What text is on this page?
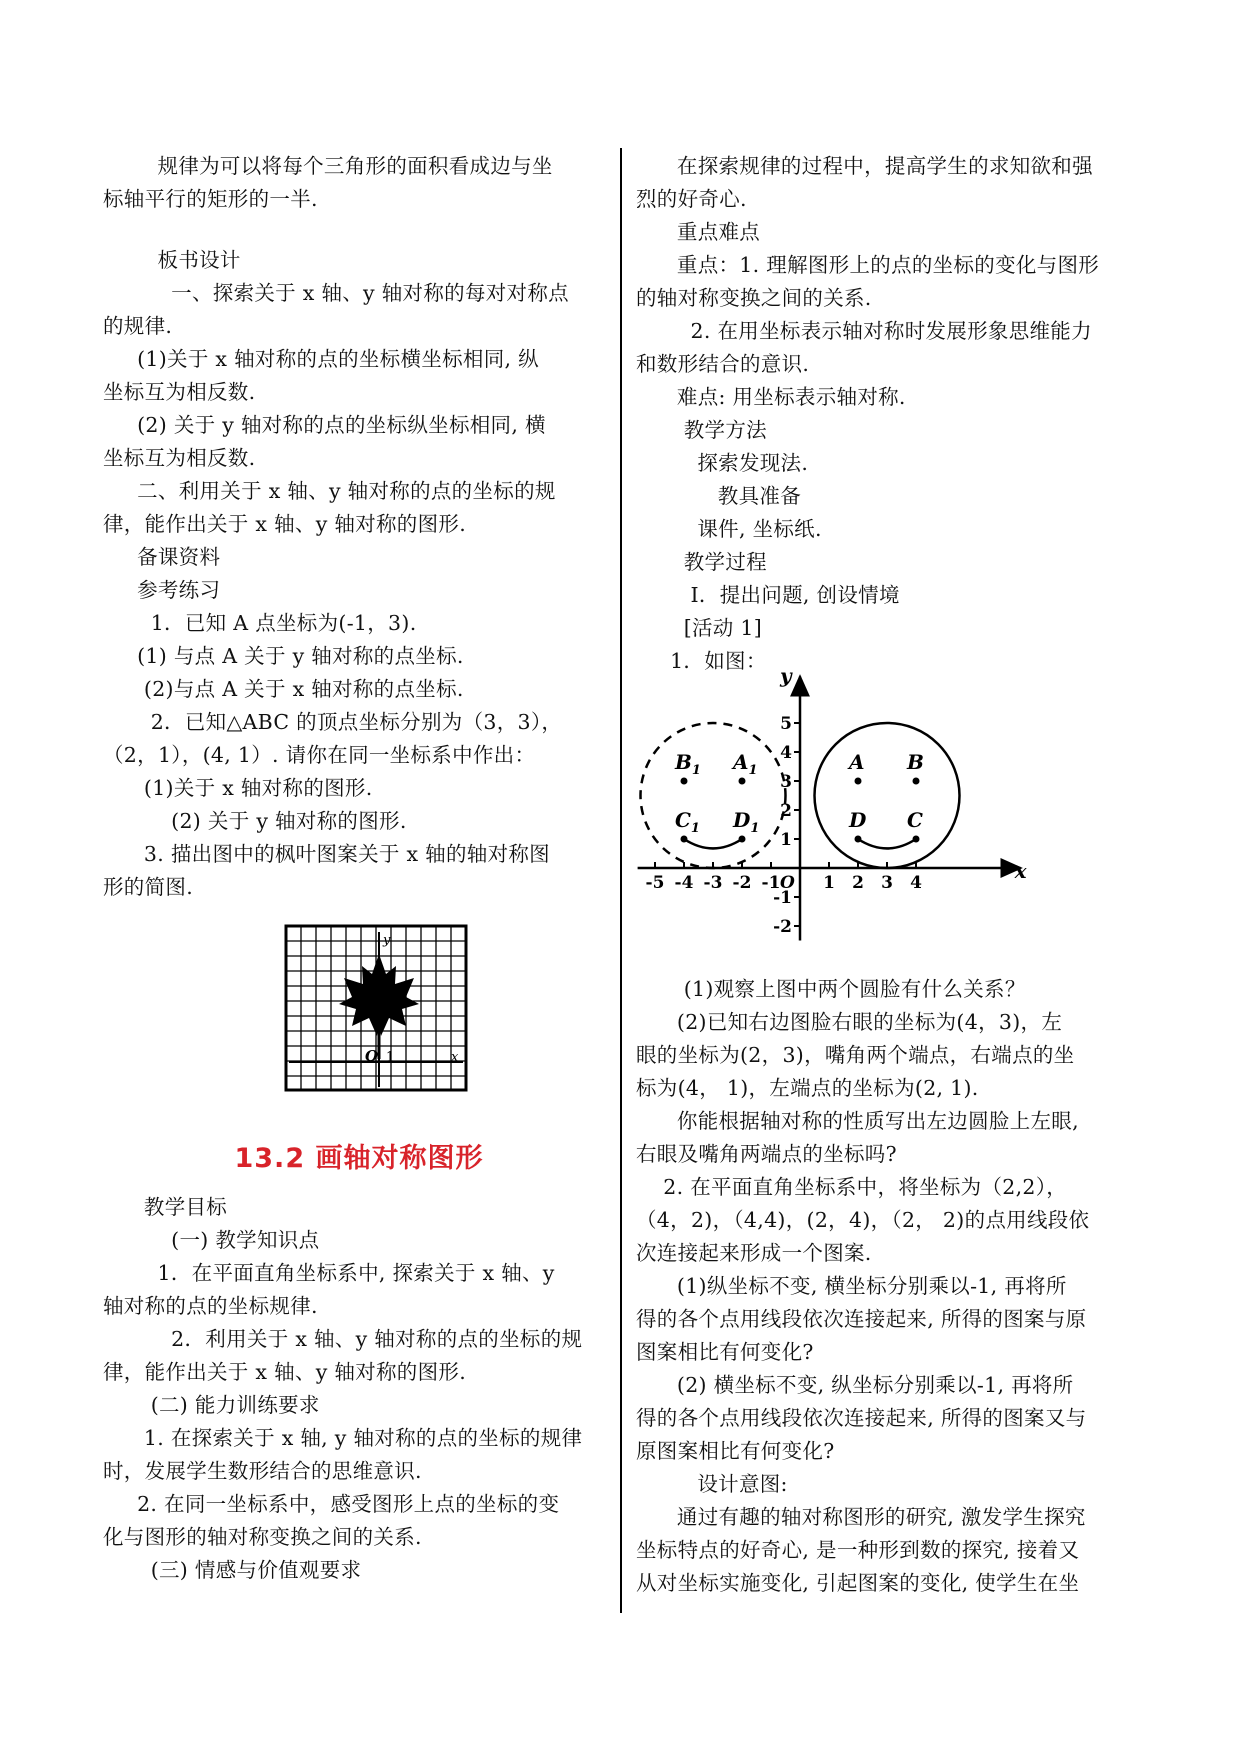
规律为可以将每个三角形的面积看成边与坐
标轴平行的矩形的一半.
板书设计
一、探索关于 x 轴、y 轴对称的每对对称点
的规律.
(1)关于 x 轴对称的点的坐标横坐标相同, 纵
坐标互为相反数.
(2) 关于 y 轴对称的点的坐标纵坐标相同, 横
坐标互为相反数.
二、利用关于 x 轴、y 轴对称的点的坐标的规
律，能作出关于 x 轴、y 轴对称的图形.
备课资料
参考练习
1．已知 A 点坐标为(-1，3).
(1) 与点 A 关于 y 轴对称的点坐标.
(2)与点 A 关于 x 轴对称的点坐标.
2．已知△ABC 的顶点坐标分别为（3，3），
（2，1），(4, 1）. 请你在同一坐标系中作出：
(1)关于 x 轴对称的图形.
(2) 关于 y 轴对称的图形.
3. 描出图中的枫叶图案关于 x 轴的轴对称图
形的简图.
O 1	x
y
13.2 画轴对称图形
教学目标
(一) 教学知识点
1．在平面直角坐标系中, 探索关于 x 轴、y
轴对称的点的坐标规律.
2．利用关于 x 轴、y 轴对称的点的坐标的规
律，能作出关于 x 轴、y 轴对称的图形.
(二) 能力训练要求
1. 在探索关于 x 轴, y 轴对称的点的坐标的规律
时，发展学生数形结合的思维意识.
2. 在同一坐标系中，感受图形上点的坐标的变
化与图形的轴对称变换之间的关系.
(三) 情感与价值观要求
在探索规律的过程中，提高学生的求知欲和强
烈的好奇心.
重点难点
重点：1. 理解图形上的点的坐标的变化与图形
的轴对称变换之间的关系.
2. 在用坐标表示轴对称时发展形象思维能力
和数形结合的意识.
难点: 用坐标表示轴对称.
教学方法
探索发现法.
教具准备
课件, 坐标纸.
教学过程
Ⅰ．提出问题, 创设情境
[活动 1]
1．如图：
-5 -4 -3 -2 -1	1 2 3 4
5
4
3
2
1
-1
-2
$B_1$ $A_1$
$C_1$ $D_1$
A B
D C
x
y
O
(1)观察上图中两个圆脸有什么关系？
(2)已知右边图脸右眼的坐标为(4，3)，左
眼的坐标为(2，3)，嘴角两个端点，右端点的坐
标为(4， 1)，左端点的坐标为(2, 1).
你能根据轴对称的性质写出左边圆脸上左眼,
右眼及嘴角两端点的坐标吗?
2. 在平面直角坐标系中，将坐标为（2,2），
（4，2)，（4,4)，(2，4)，（2， 2)的点用线段依
次连接起来形成一个图案.
(1)纵坐标不变, 横坐标分别乘以-1, 再将所
得的各个点用线段依次连接起来, 所得的图案与原
图案相比有何变化?
(2) 横坐标不变, 纵坐标分别乘以-1, 再将所
得的各个点用线段依次连接起来, 所得的图案又与
原图案相比有何变化?
设计意图:
通过有趣的轴对称图形的研究, 激发学生探究
坐标特点的好奇心, 是一种形到数的探究, 接着又
从对坐标实施变化, 引起图案的变化, 使学生在坐
